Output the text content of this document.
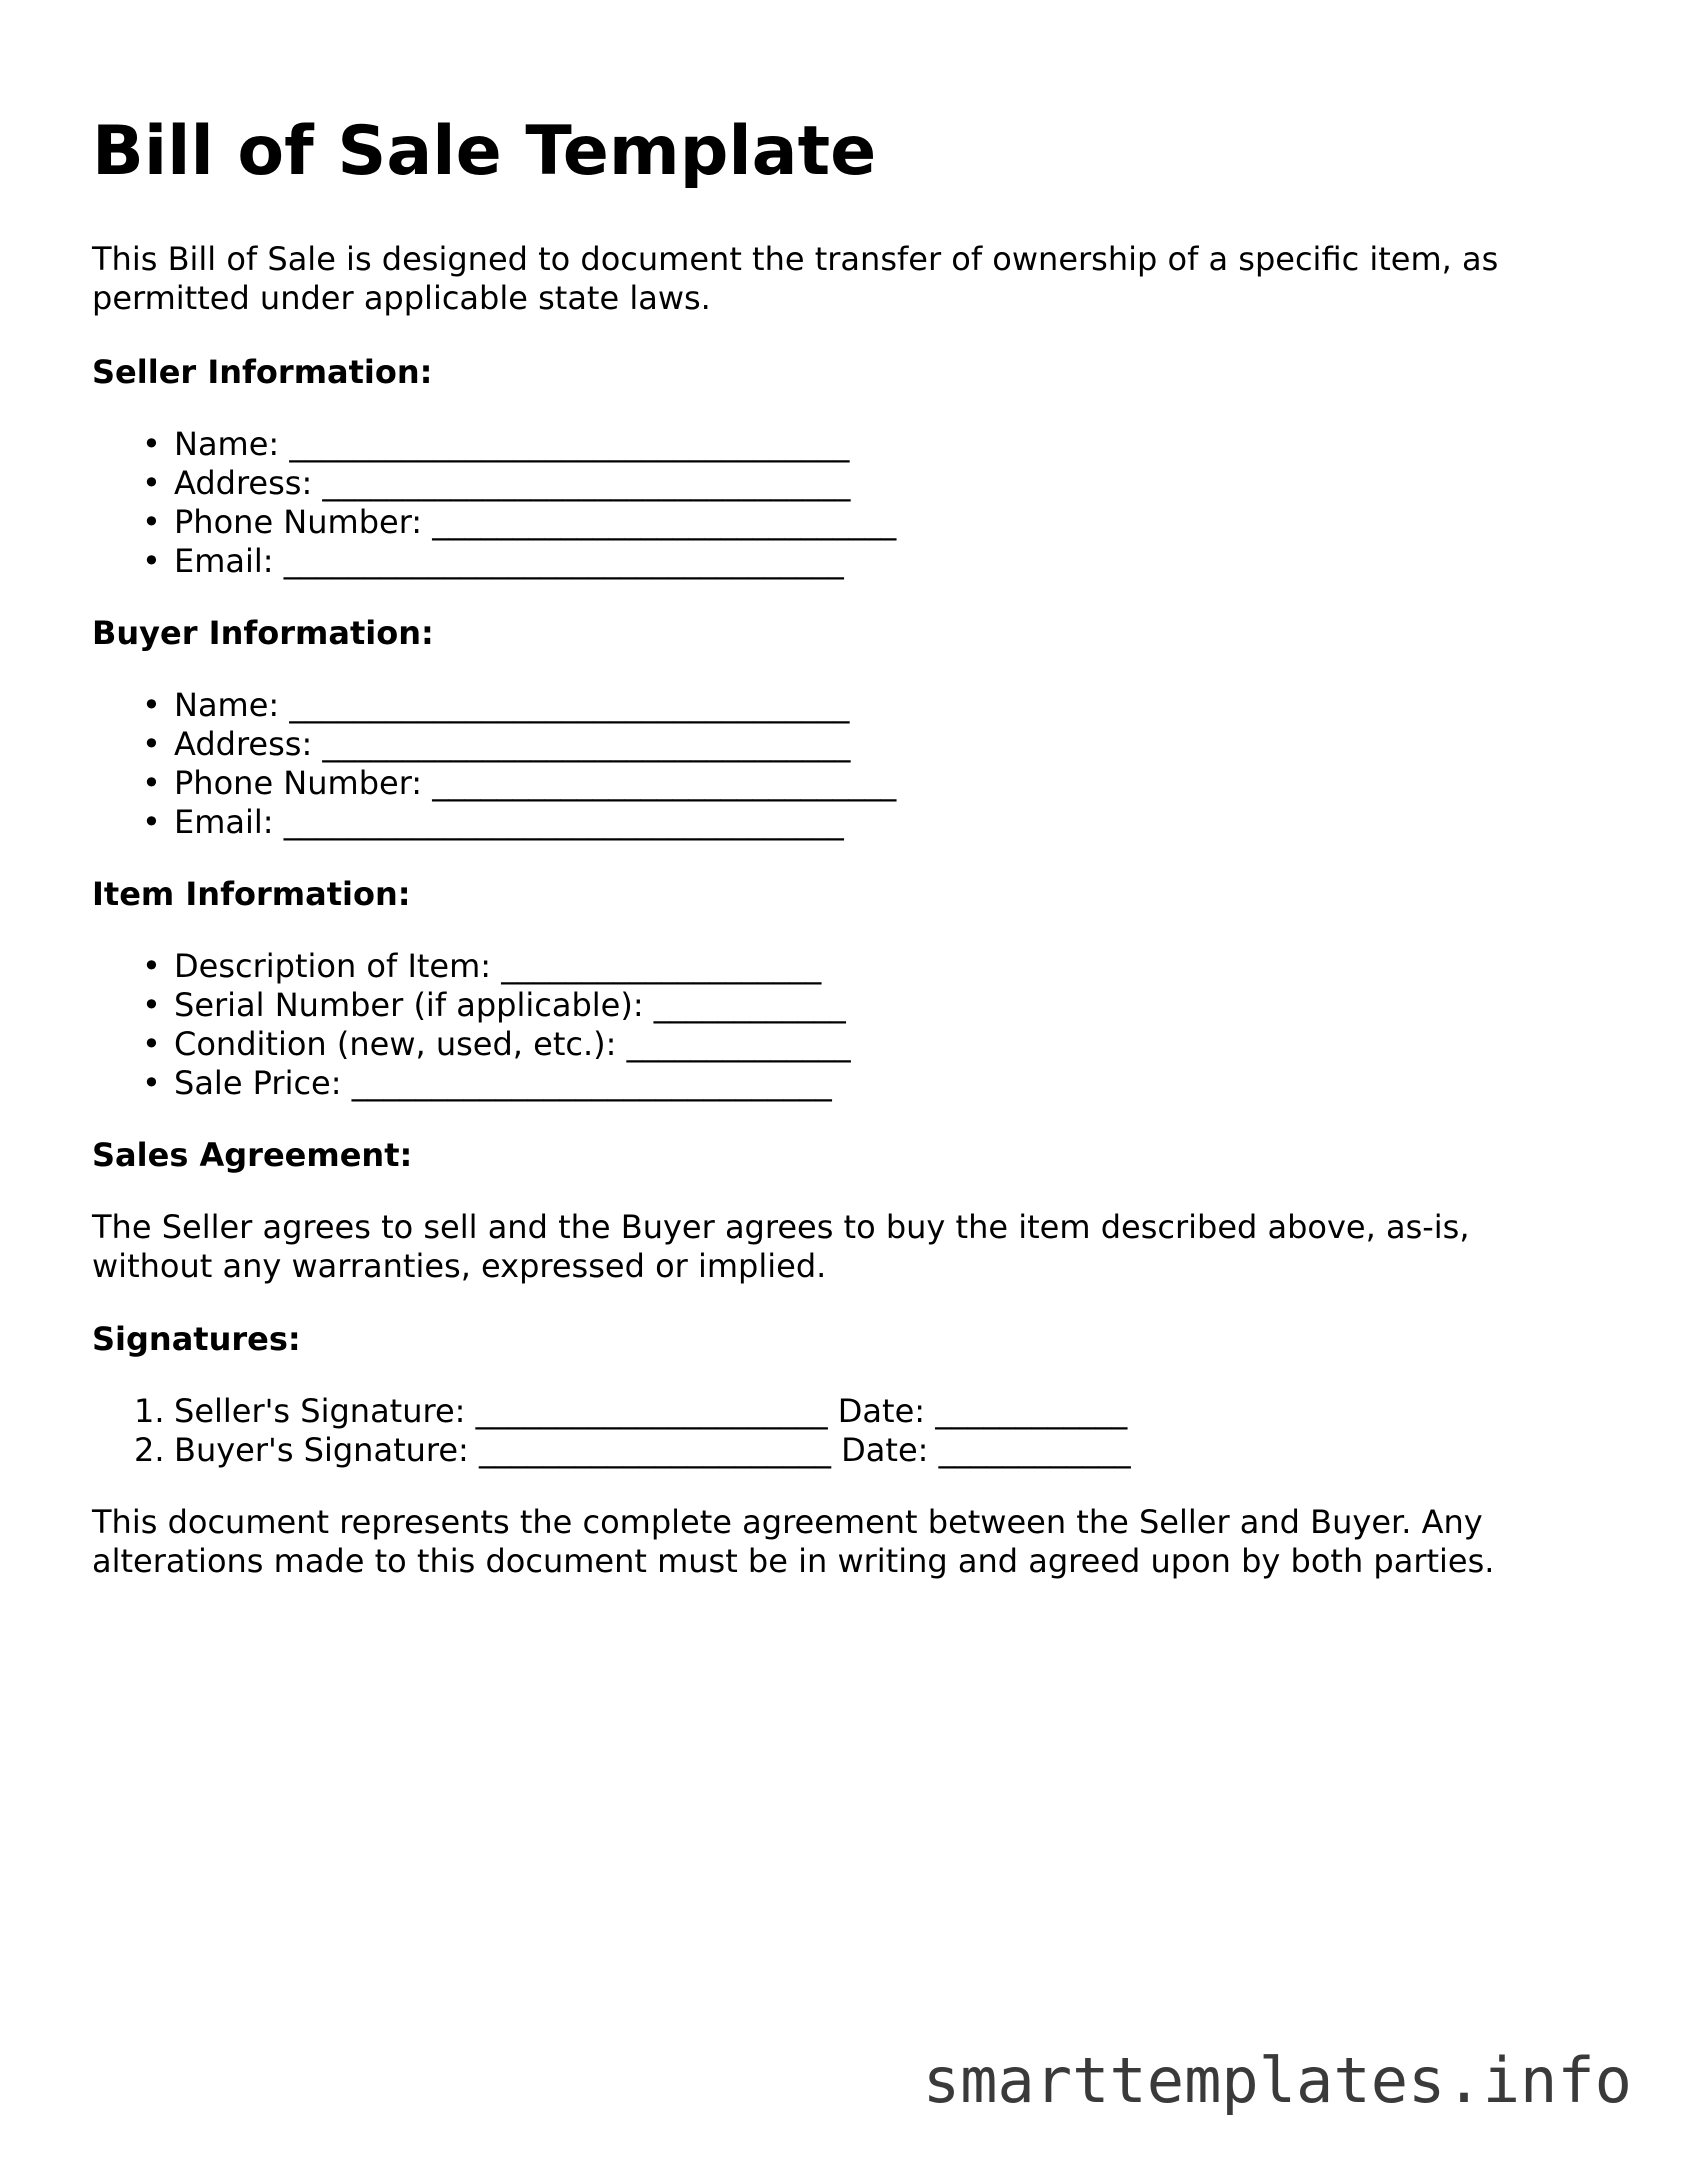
Bill of Sale Template

This Bill of Sale is designed to document the transfer of ownership of a specific item, as permitted under applicable state laws.

Seller Information:

• Name: ___________________________________
• Address: _________________________________
• Phone Number: _____________________________
• Email: ___________________________________

Buyer Information:

• Name: ___________________________________
• Address: _________________________________
• Phone Number: _____________________________
• Email: ___________________________________

Item Information:

• Description of Item: ____________________
• Serial Number (if applicable): ____________
• Condition (new, used, etc.): ______________
• Sale Price: ______________________________

Sales Agreement:

The Seller agrees to sell and the Buyer agrees to buy the item described above, as-is, without any warranties, expressed or implied.

Signatures:

1. Seller's Signature: ______________________ Date: ____________
2. Buyer's Signature: ______________________ Date: ____________

This document represents the complete agreement between the Seller and Buyer. Any alterations made to this document must be in writing and agreed upon by both parties.

smarttemplates.info
